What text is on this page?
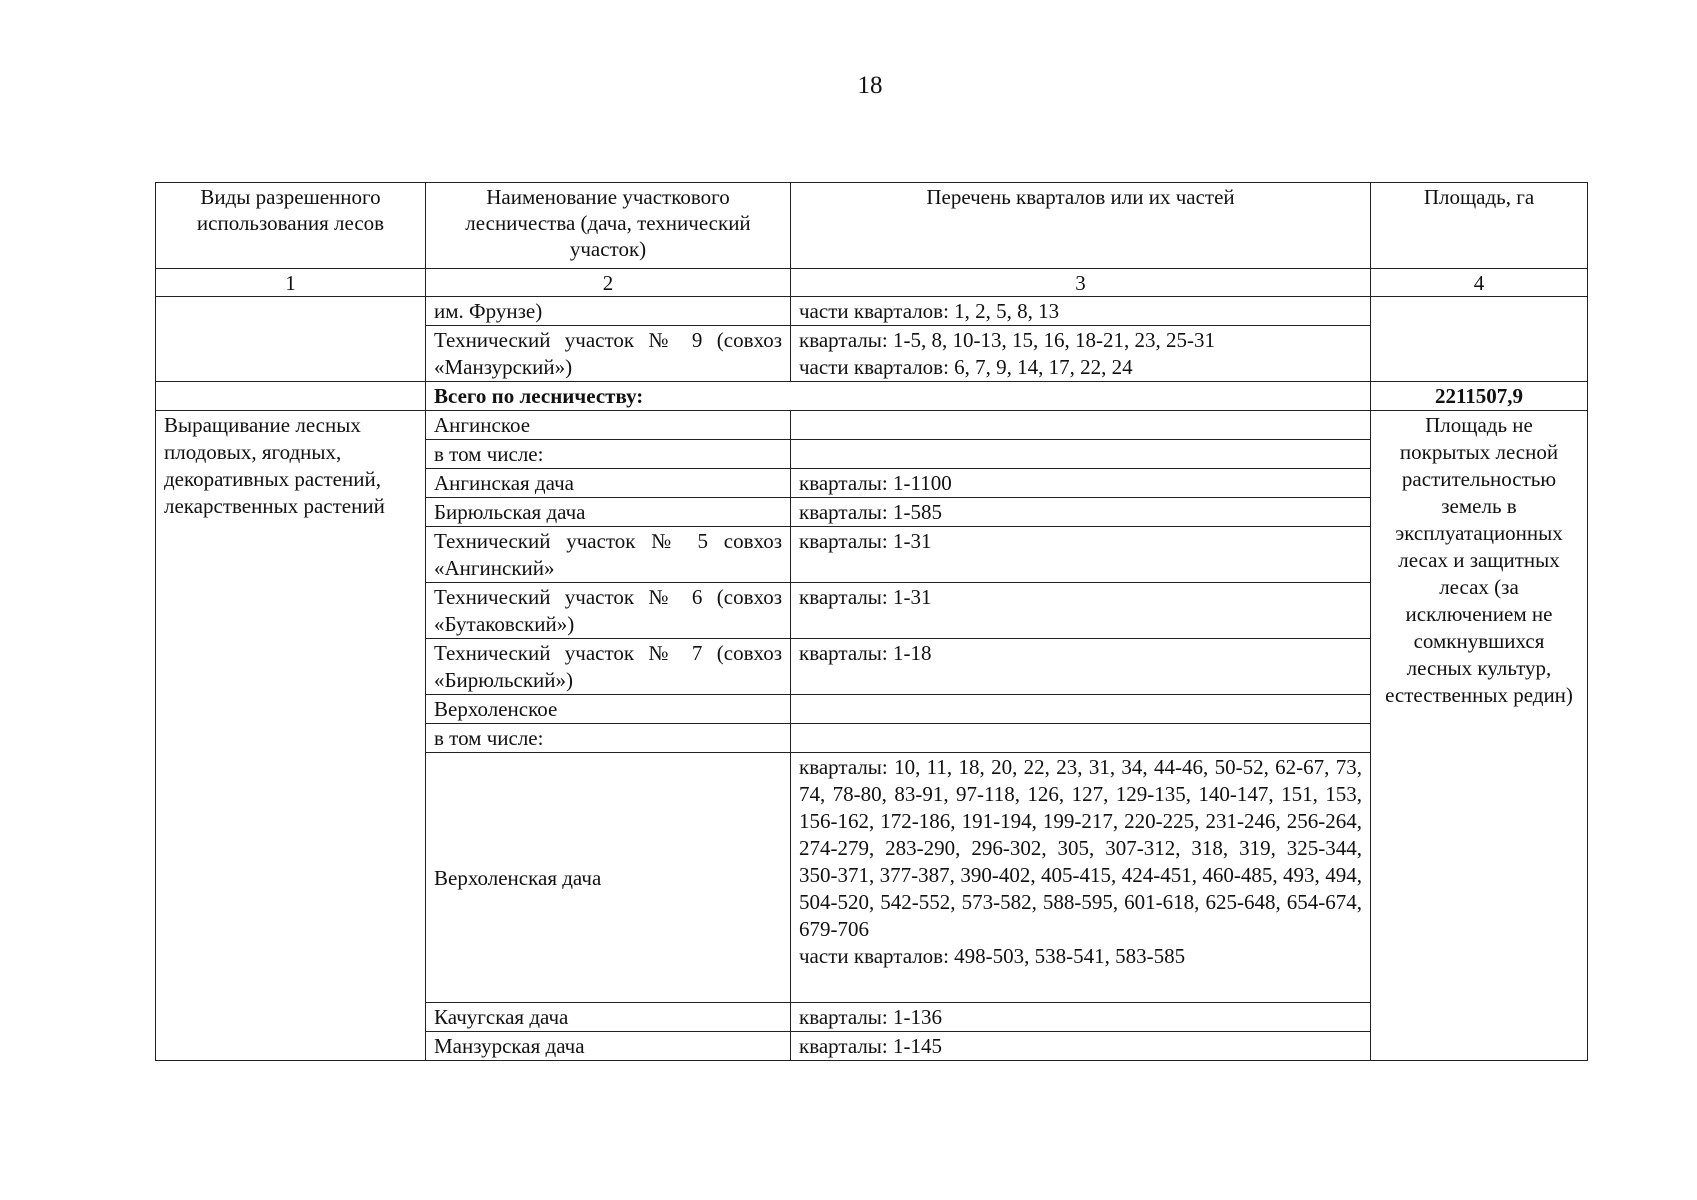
18
Виды разрешенного использования лесов	Наименование участкового лесничества (дача, технический участок)	Перечень кварталов или их частей	Площадь, га
1	2	3	4
	им. Фрунзе)	части кварталов: 1, 2, 5, 8, 13	
	Технический участок № 9 (совхоз «Манзурский»)	кварталы: 1-5, 8, 10-13, 15, 16, 18-21, 23, 25-31
части кварталов: 6, 7, 9, 14, 17, 22, 24	

	Всего по лесничеству:		2211507,9
Выращивание лесных плодовых, ягодных, декоративных растений, лекарственных растений	Ангинское		Площадь не покрытых лесной растительностью земель в эксплуатационных лесах и защитных лесах (за исключением не сомкнувшихся лесных культур, естественных редин)
	в том числе:		
	Ангинская дача	кварталы: 1-1100	
	Бирюльская дача	кварталы: 1-585	
	Технический участок № 5 совхоз «Ангинский»	кварталы: 1-31	
	Технический участок № 6 (совхоз «Бутаковский»)	кварталы: 1-31	
	Технический участок № 7 (совхоз «Бирюльский»)	кварталы: 1-18	
	Верхоленское		
	в том числе:		
	Верхоленская дача	кварталы: 10, 11, 18, 20, 22, 23, 31, 34, 44-46, 50-52, 62-67, 73, 74, 78-80, 83-91, 97-118, 126, 127, 129-135, 140-147, 151, 153, 156-162, 172-186, 191-194, 199-217, 220-225, 231-246, 256-264, 274-279, 283-290, 296-302, 305, 307-312, 318, 319, 325-344, 350-371, 377-387, 390-402, 405-415, 424-451, 460-485, 493, 494, 504-520, 542-552, 573-582, 588-595, 601-618, 625-648, 654-674, 679-706
части кварталов: 498-503, 538-541, 583-585	

	Качугская дача	кварталы: 1-136	
	Манзурская дача	кварталы: 1-145	
